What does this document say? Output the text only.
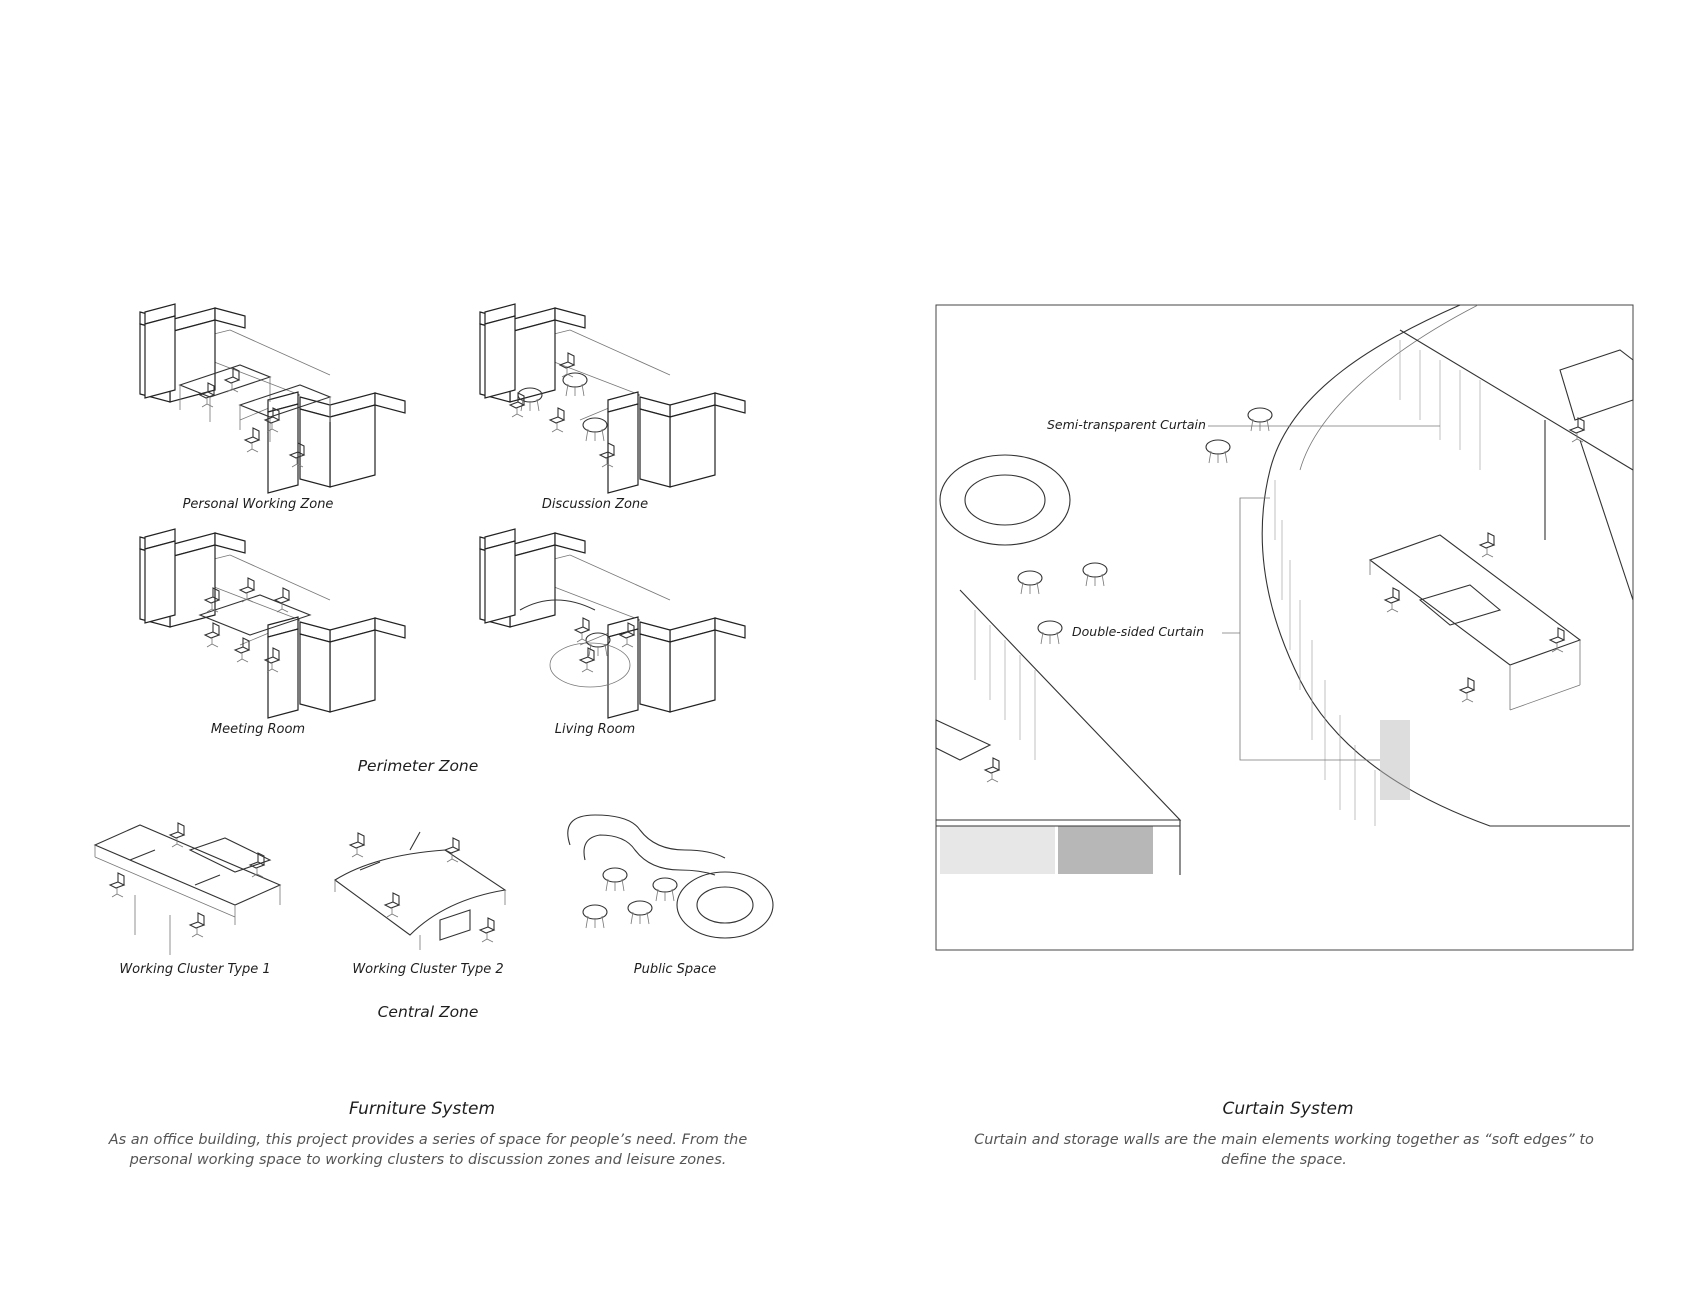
Personal Working Zone	Discussion Zone
Meeting Room	Living Room
Perimeter Zone
Working Cluster Type 1	Working Cluster Type 2	Public Space
Central Zone
Semi-transparent Curtain
Double-sided Curtain
Furniture System
As an office building, this project provides a series of space for people’s need. From the
personal working space to working clusters to discussion zones and leisure zones.
Curtain System
Curtain and storage walls are the main elements working together as “soft edges” to
define the space.
